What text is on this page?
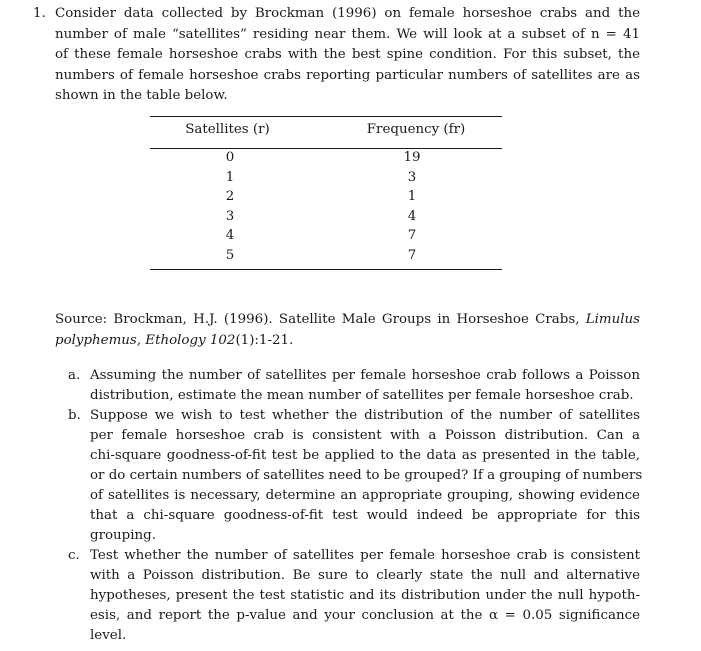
1. Consider data collected by Brockman (1996) on female horseshoe crabs and the
number of male “satellites” residing near them. We will look at a subset of n = 41
of these female horseshoe crabs with the best spine condition. For this subset, the
numbers of female horseshoe crabs reporting particular numbers of satellites are as
shown in the table below.
Satellites (r)	Frequency (fr)
0
1
2
3
4
5
19
3
1
4
7
7
Source: Brockman, H.J. (1996). Satellite Male Groups in Horseshoe Crabs, Limulus
polyphemus, Ethology 102(1):1-21.
a. Assuming the number of satellites per female horseshoe crab follows a Poisson
distribution, estimate the mean number of satellites per female horseshoe crab.
b. Suppose we wish to test whether the distribution of the number of satellites
per female horseshoe crab is consistent with a Poisson distribution. Can a
chi-square goodness-of-fit test be applied to the data as presented in the table,
or do certain numbers of satellites need to be grouped? If a grouping of numbers
of satellites is necessary, determine an appropriate grouping, showing evidence
that a chi-square goodness-of-fit test would indeed be appropriate for this
grouping.
c. Test whether the number of satellites per female horseshoe crab is consistent
with a Poisson distribution. Be sure to clearly state the null and alternative
hypotheses, present the test statistic and its distribution under the null hypoth-
esis, and report the p-value and your conclusion at the α = 0.05 significance
level.
